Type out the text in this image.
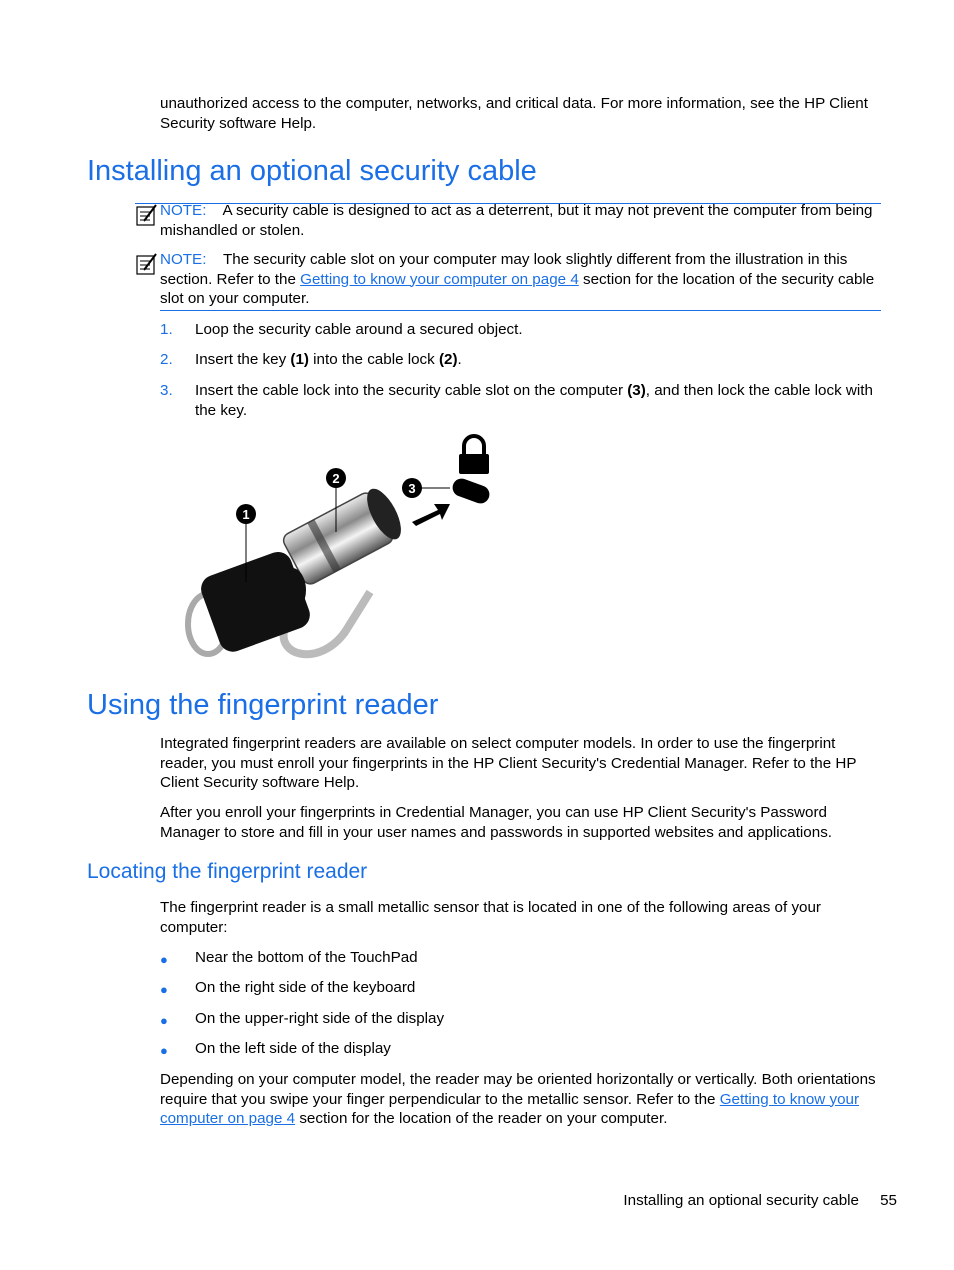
unauthorized access to the computer, networks, and critical data. For more information, see the HP Client Security software Help.
Installing an optional security cable
NOTE: A security cable is designed to act as a deterrent, but it may not prevent the computer from being mishandled or stolen.
NOTE: The security cable slot on your computer may look slightly different from the illustration in this section. Refer to the Getting to know your computer on page 4 section for the location of the security cable slot on your computer.
1. Loop the security cable around a secured object.
2. Insert the key (1) into the cable lock (2).
3. Insert the cable lock into the security cable slot on the computer (3), and then lock the cable lock with the key.
1
2
3
Using the fingerprint reader
Integrated fingerprint readers are available on select computer models. In order to use the fingerprint reader, you must enroll your fingerprints in the HP Client Security's Credential Manager. Refer to the HP Client Security software Help.
After you enroll your fingerprints in Credential Manager, you can use HP Client Security's Password Manager to store and fill in your user names and passwords in supported websites and applications.
Locating the fingerprint reader
The fingerprint reader is a small metallic sensor that is located in one of the following areas of your computer:
● Near the bottom of the TouchPad
● On the right side of the keyboard
● On the upper-right side of the display
● On the left side of the display
Depending on your computer model, the reader may be oriented horizontally or vertically. Both orientations require that you swipe your finger perpendicular to the metallic sensor. Refer to the Getting to know your computer on page 4 section for the location of the reader on your computer.
Installing an optional security cable 55
